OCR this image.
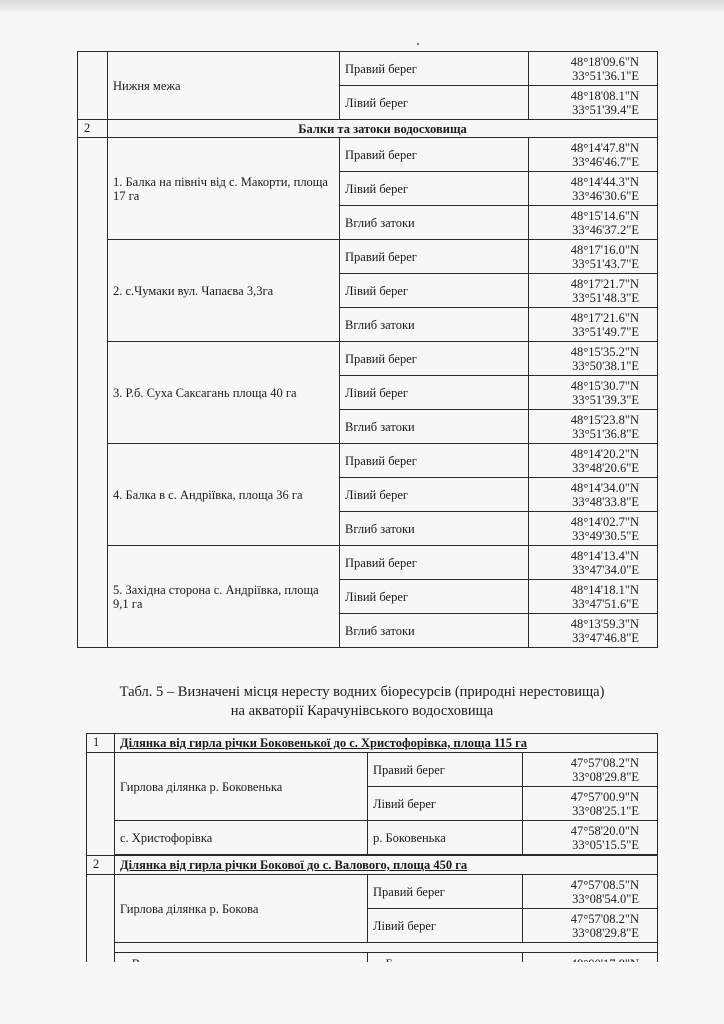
	Нижня межа	Правий берег	48°18'09.6"N
33°51'36.1"E

		Лівий берег	48°18'08.1"N
33°51'39.4"E

2	Балки та затоки водосховища		
	1. Балка на північ від с. Макорти, площа 17 га	Правий берег	48°14'47.8"N
33°46'46.7"E

		Лівий берег	48°14'44.3"N
33°46'30.6"E

		Вглиб затоки	48°15'14.6"N
33°46'37.2"E

	2. с.Чумаки вул. Чапаєва 3,3га	Правий берег	48°17'16.0"N
33°51'43.7"E

		Лівий берег	48°17'21.7"N
33°51'48.3"E

		Вглиб затоки	48°17'21.6"N
33°51'49.7"E

	3. Р.б. Суха Саксагань площа 40 га	Правий берег	48°15'35.2"N
33°50'38.1"E

		Лівий берег	48°15'30.7"N
33°51'39.3"E

		Вглиб затоки	48°15'23.8"N
33°51'36.8"E

	4. Балка в с. Андріївка, площа 36 га	Правий берег	48°14'20.2"N
33°48'20.6"E

		Лівий берег	48°14'34.0"N
33°48'33.8"E

		Вглиб затоки	48°14'02.7"N
33°49'30.5"E

	5. Західна сторона с. Андріївка, площа 9,1 га	Правий берег	48°14'13.4"N
33°47'34.0"E

		Лівий берег	48°14'18.1"N
33°47'51.6"E

		Вглиб затоки	48°13'59.3"N
33°47'46.8"E
Табл. 5 – Визначені місця нересту водних біоресурсів (природні нерестовища)
на акваторії Карачунівського водосховища
1	Ділянка від гирла річки Боковенької до с. Христофорівка, площа 115 га		
	Гирлова ділянка р. Боковенька	Правий берег	47°57'08.2"N
33°08'29.8"E

		Лівий берег	47°57'00.9"N
33°08'25.1"E

	с. Христофорівка	р. Боковенька	47°58'20.0"N
33°05'15.5"E

2	Ділянка від гирла річки Бокової до с. Валового, площа 450 га		
	Гирлова ділянка р. Бокова	Правий берег	47°57'08.5"N
33°08'54.0"E

		Лівий берег	47°57'08.2"N
33°08'29.8"E
